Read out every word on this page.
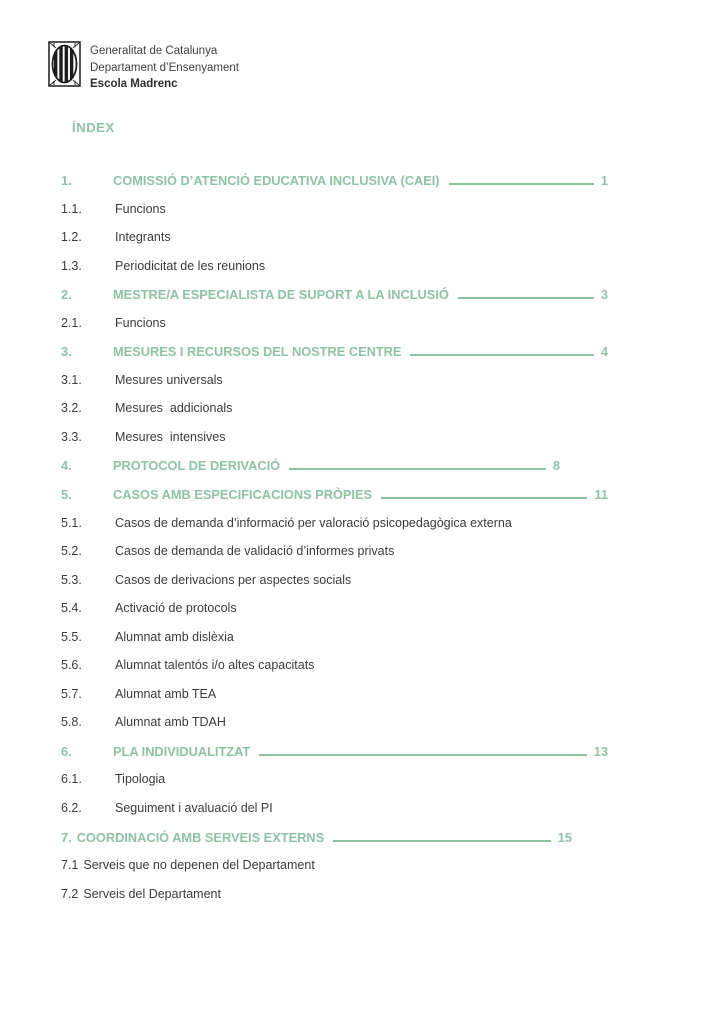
Generalitat de Catalunya
Departament d’Ensenyament
Escola Madrenc
ÍNDEX
1.	COMISSIÓ D’ATENCIÓ EDUCATIVA INCLUSIVA (CAEI)	1
1.1.	Funcions
1.2.	Integrants
1.3.	Periodicitat de les reunions
2.	MESTRE/A ESPECIALISTA DE SUPORT A LA INCLUSIÓ	3
2.1.	Funcions
3.	MESURES I RECURSOS DEL NOSTRE CENTRE	4
3.1.	Mesures universals
3.2.	Mesures  addicionals
3.3.	Mesures  intensives
4.	PROTOCOL DE DERIVACIÓ	8
5.	CASOS AMB ESPECIFICACIONS PRÒPIES	11
5.1.	Casos de demanda d’informació per valoració psicopedagògica externa
5.2.	Casos de demanda de validació d’informes privats
5.3.	Casos de derivacions per aspectes socials
5.4.	Activació de protocols
5.5.	Alumnat amb dislèxia
5.6.	Alumnat talentós i/o altes capacitats
5.7.	Alumnat amb TEA
5.8.	Alumnat amb TDAH
6.	PLA INDIVIDUALITZAT	13
6.1.	Tipologia
6.2.	Seguiment i avaluació del PI
7. COORDINACIÓ AMB SERVEIS EXTERNS	15
7.1 Serveis que no depenen del Departament
7.2 Serveis del Departament
